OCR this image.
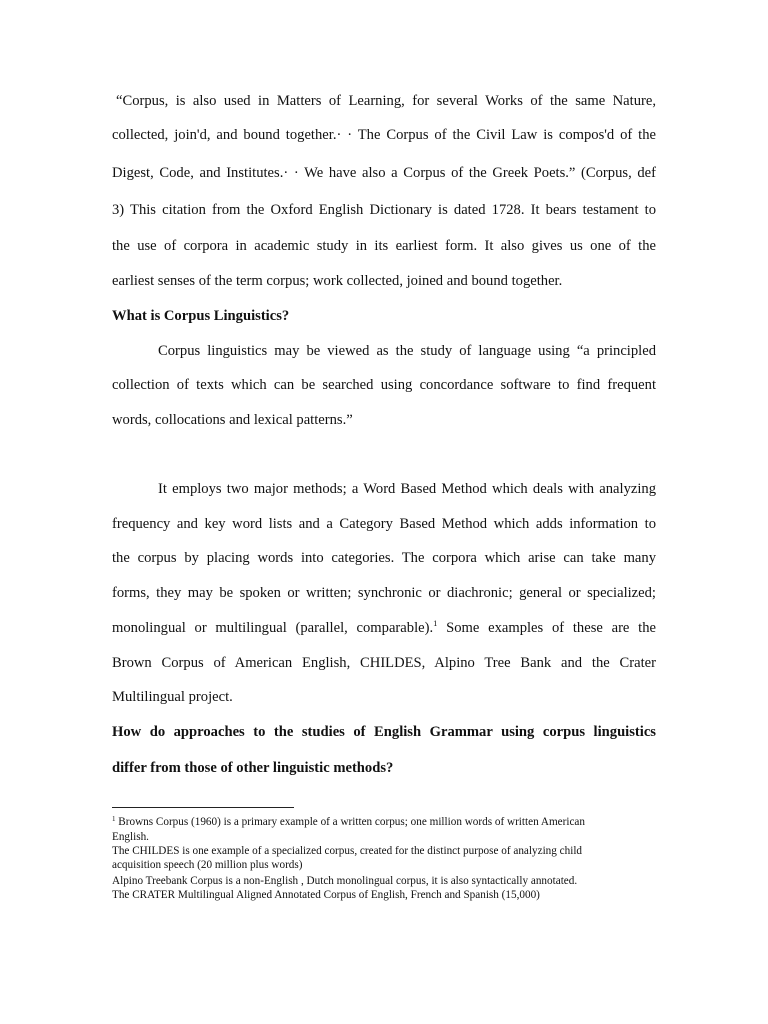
“Corpus, is also used in Matters of Learning, for several Works of the same Nature,
collected, join'd, and bound together.· · The Corpus of the Civil Law is compos'd of the
Digest, Code, and Institutes.· · We have also a Corpus of the Greek Poets.” (Corpus, def
3) This citation from the Oxford English Dictionary is dated 1728. It bears testament to
the use of corpora in academic study in its earliest form. It also gives us one of the
earliest senses of the term corpus; work collected, joined and bound together.
What is Corpus Linguistics?
Corpus linguistics may be viewed as the study of language using “a principled
collection of texts which can be searched using concordance software to find frequent
words, collocations and lexical patterns.”
It employs two major methods; a Word Based Method which deals with analyzing
frequency and key word lists and a Category Based Method which adds information to
the corpus by placing words into categories. The corpora which arise can take many
forms, they may be spoken or written; synchronic or diachronic; general or specialized;
monolingual or multilingual (parallel, comparable).$^1$ Some examples of these are the
Brown Corpus of American English, CHILDES, Alpino Tree Bank and the Crater
Multilingual project.
How do approaches to the studies of English Grammar using corpus linguistics
differ from those of other linguistic methods?
$^1$ Browns Corpus (1960) is a primary example of a written corpus; one million words of written American
English.
The CHILDES is one example of a specialized corpus, created for the distinct purpose of analyzing child
acquisition speech (20 million plus words)
Alpino Treebank Corpus is a non-English , Dutch monolingual corpus, it is also syntactically annotated.
The CRATER Multilingual Aligned Annotated Corpus of English, French and Spanish (15,000)
